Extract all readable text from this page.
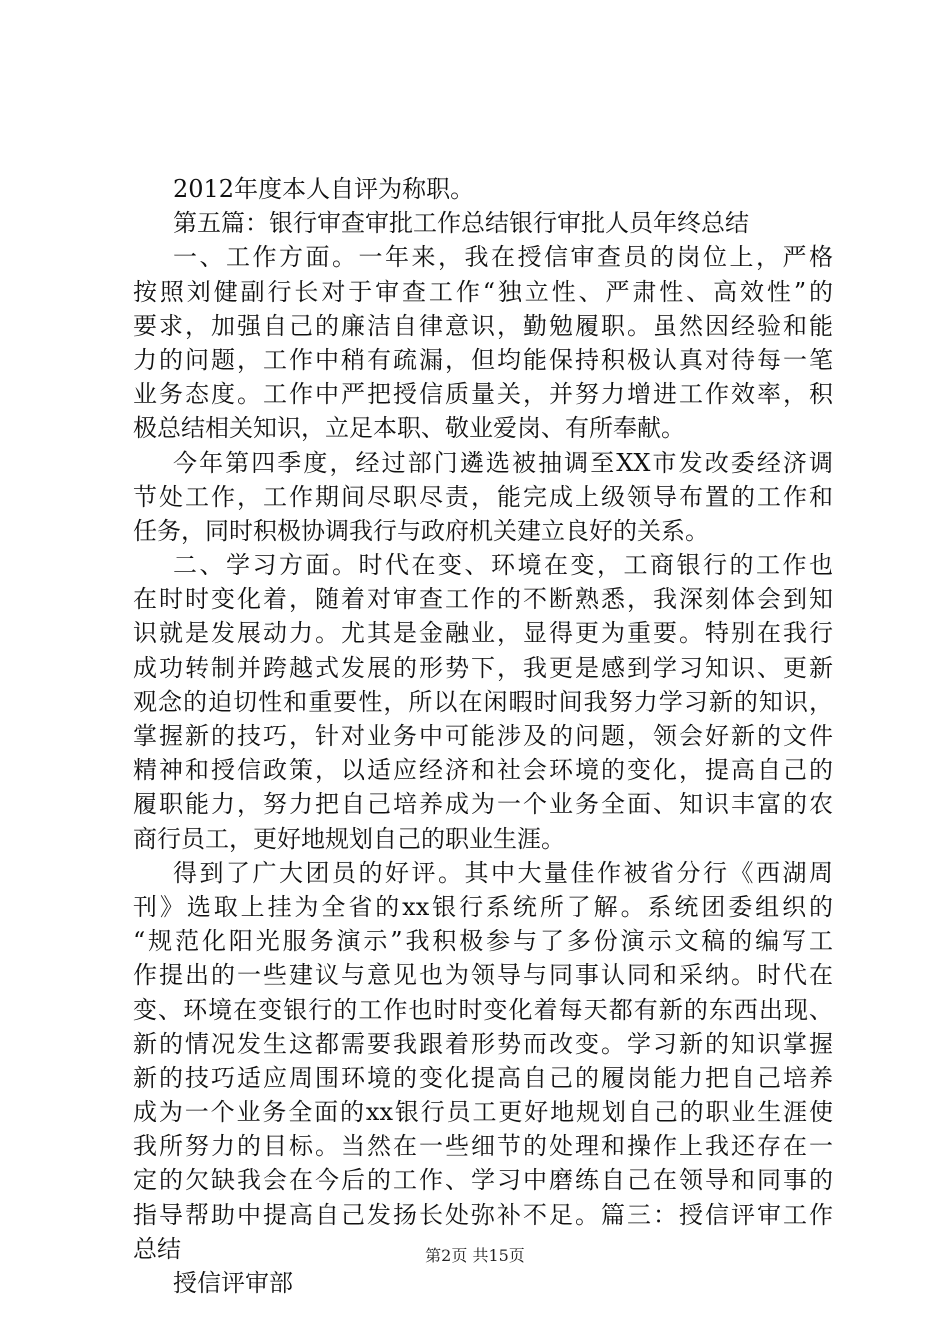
2012年度本人自评为称职。
第五篇：银行审查审批工作总结银行审批人员年终总结
一、工作方面。一年来，我在授信审查员的岗位上，严格
按照刘健副行长对于审查工作“独立性、严肃性、高效性”的
要求，加强自己的廉洁自律意识，勤勉履职。虽然因经验和能
力的问题，工作中稍有疏漏，但均能保持积极认真对待每一笔
业务态度。工作中严把授信质量关，并努力增进工作效率，积
极总结相关知识，立足本职、敬业爱岗、有所奉献。
今年第四季度，经过部门遴选被抽调至XX市发改委经济调
节处工作，工作期间尽职尽责，能完成上级领导布置的工作和
任务，同时积极协调我行与政府机关建立良好的关系。
二、学习方面。时代在变、环境在变，工商银行的工作也
在时时变化着，随着对审查工作的不断熟悉，我深刻体会到知
识就是发展动力。尤其是金融业，显得更为重要。特别在我行
成功转制并跨越式发展的形势下，我更是感到学习知识、更新
观念的迫切性和重要性，所以在闲暇时间我努力学习新的知识，
掌握新的技巧，针对业务中可能涉及的问题，领会好新的文件
精神和授信政策，以适应经济和社会环境的变化，提高自己的
履职能力，努力把自己培养成为一个业务全面、知识丰富的农
商行员工，更好地规划自己的职业生涯。
得到了广大团员的好评。其中大量佳作被省分行《西湖周
刊》选取上挂为全省的xx银行系统所了解。系统团委组织的
“规范化阳光服务演示”我积极参与了多份演示文稿的编写工
作提出的一些建议与意见也为领导与同事认同和采纳。时代在
变、环境在变银行的工作也时时变化着每天都有新的东西出现、
新的情况发生这都需要我跟着形势而改变。学习新的知识掌握
新的技巧适应周围环境的变化提高自己的履岗能力把自己培养
成为一个业务全面的xx银行员工更好地规划自己的职业生涯使
我所努力的目标。当然在一些细节的处理和操作上我还存在一
定的欠缺我会在今后的工作、学习中磨练自己在领导和同事的
指导帮助中提高自己发扬长处弥补不足。篇三：授信评审工作
总结
授信评审部
第2页 共15页
